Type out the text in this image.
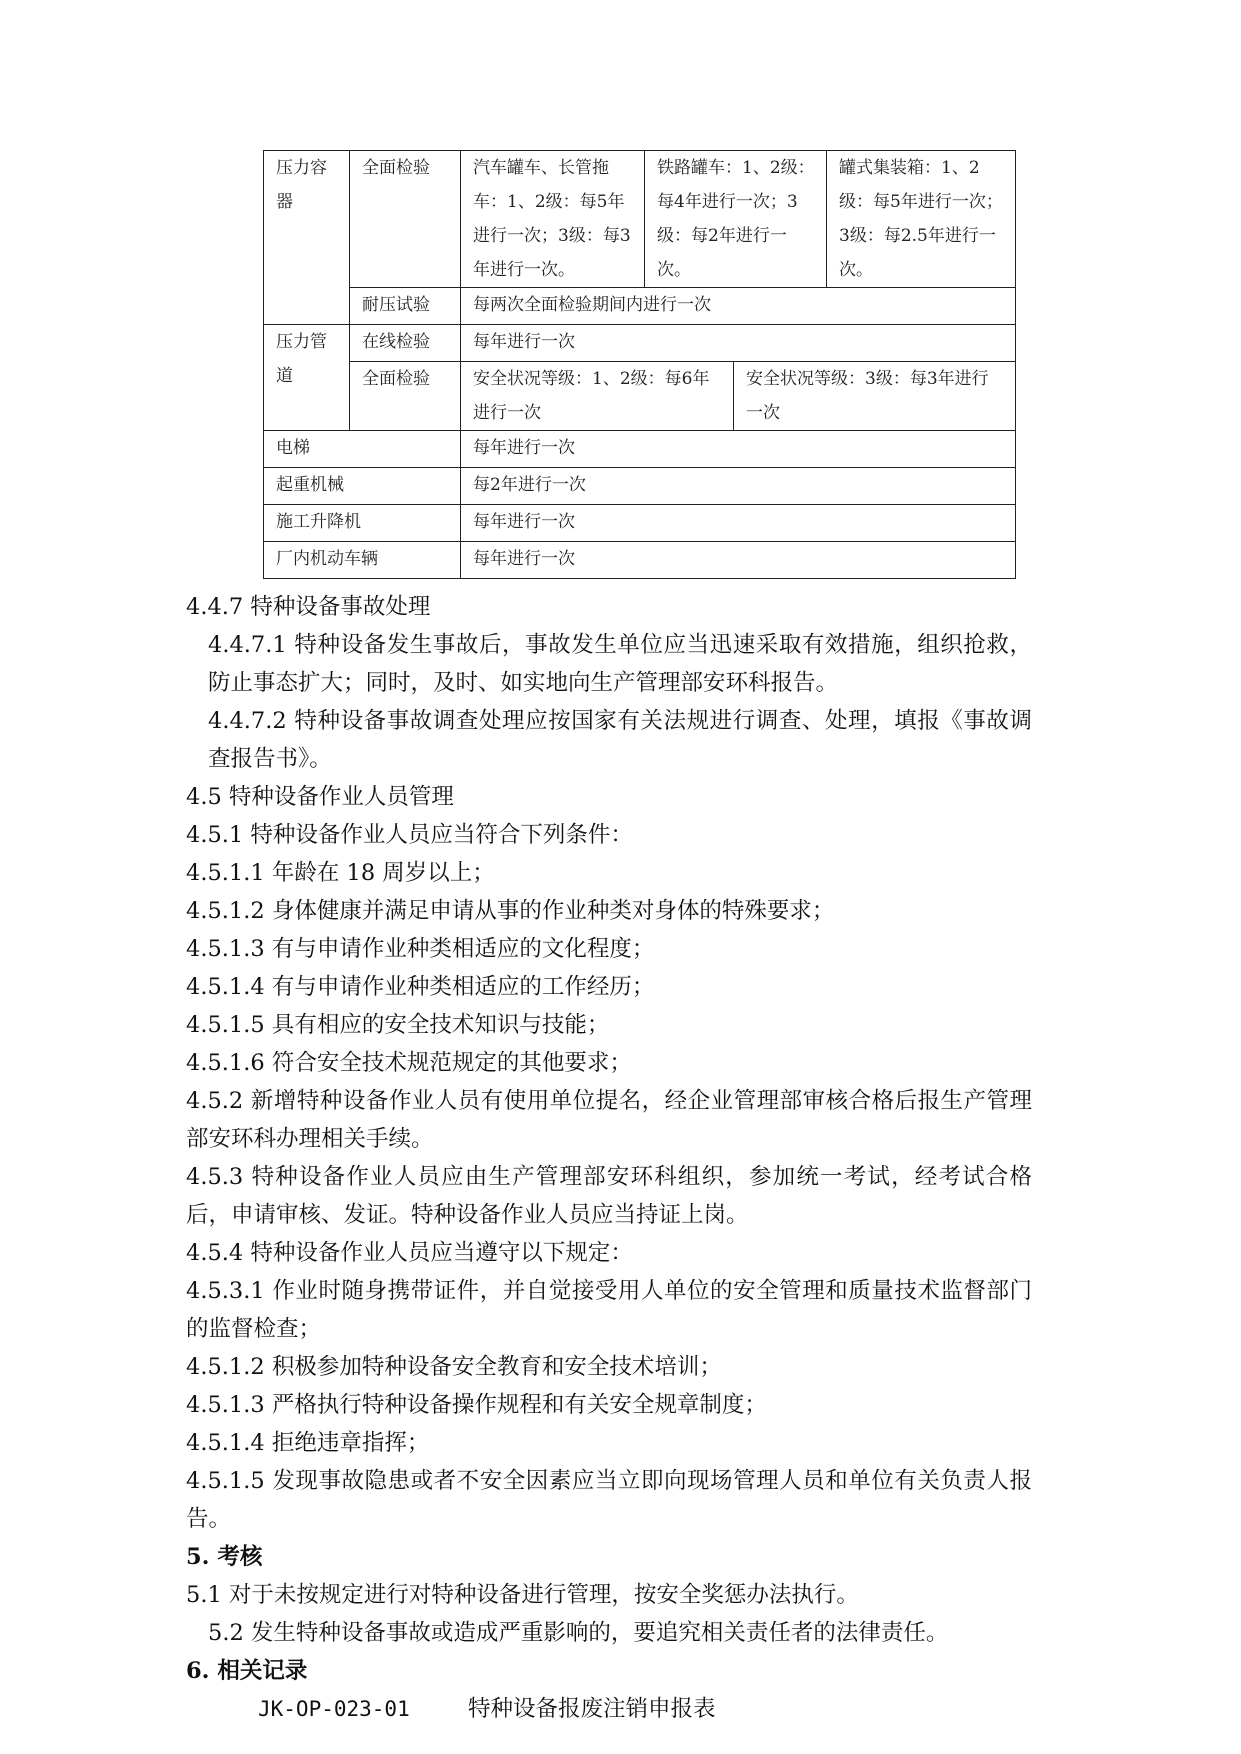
压力容器	全面检验	汽车罐车、长管拖车：1、2级：每5年进行一次；3级：每3年进行一次。	铁路罐车：1、2级：每4年进行一次；3级：每2年进行一次。		罐式集装箱：1、2级：每5年进行一次；3级：每2.5年进行一次。
	耐压试验	每两次全面检验期间内进行一次			
压力管道	在线检验	每年进行一次			
	全面检验	安全状况等级：1、2级：每6年进行一次		安全状况等级：3级：每3年进行一次	
电梯		每年进行一次			
起重机械		每2年进行一次			
施工升降机		每年进行一次			
厂内机动车辆		每年进行一次			

4.4.7 特种设备事故处理

4.4.7.1 特种设备发生事故后，事故发生单位应当迅速采取有效措施，组织抢救，防止事态扩大；同时，及时、如实地向生产管理部安环科报告。

4.4.7.2 特种设备事故调查处理应按国家有关法规进行调查、处理，填报《事故调查报告书》。

4.5 特种设备作业人员管理

4.5.1 特种设备作业人员应当符合下列条件：

4.5.1.1 年龄在 18 周岁以上；

4.5.1.2 身体健康并满足申请从事的作业种类对身体的特殊要求；

4.5.1.3 有与申请作业种类相适应的文化程度；

4.5.1.4 有与申请作业种类相适应的工作经历；

4.5.1.5 具有相应的安全技术知识与技能；

4.5.1.6 符合安全技术规范规定的其他要求；

4.5.2 新增特种设备作业人员有使用单位提名，经企业管理部审核合格后报生产管理部安环科办理相关手续。

4.5.3 特种设备作业人员应由生产管理部安环科组织，参加统一考试，经考试合格后，申请审核、发证。特种设备作业人员应当持证上岗。

4.5.4 特种设备作业人员应当遵守以下规定：

4.5.3.1 作业时随身携带证件，并自觉接受用人单位的安全管理和质量技术监督部门的监督检查；

4.5.1.2 积极参加特种设备安全教育和安全技术培训；

4.5.1.3 严格执行特种设备操作规程和有关安全规章制度；

4.5.1.4 拒绝违章指挥；

4.5.1.5 发现事故隐患或者不安全因素应当立即向现场管理人员和单位有关负责人报告。

5. 考核

5.1 对于未按规定进行对特种设备进行管理，按安全奖惩办法执行。

5.2 发生特种设备事故或造成严重影响的，要追究相关责任者的法律责任。

6. 相关记录

JK-OP-023-01	特种设备报废注销申报表
